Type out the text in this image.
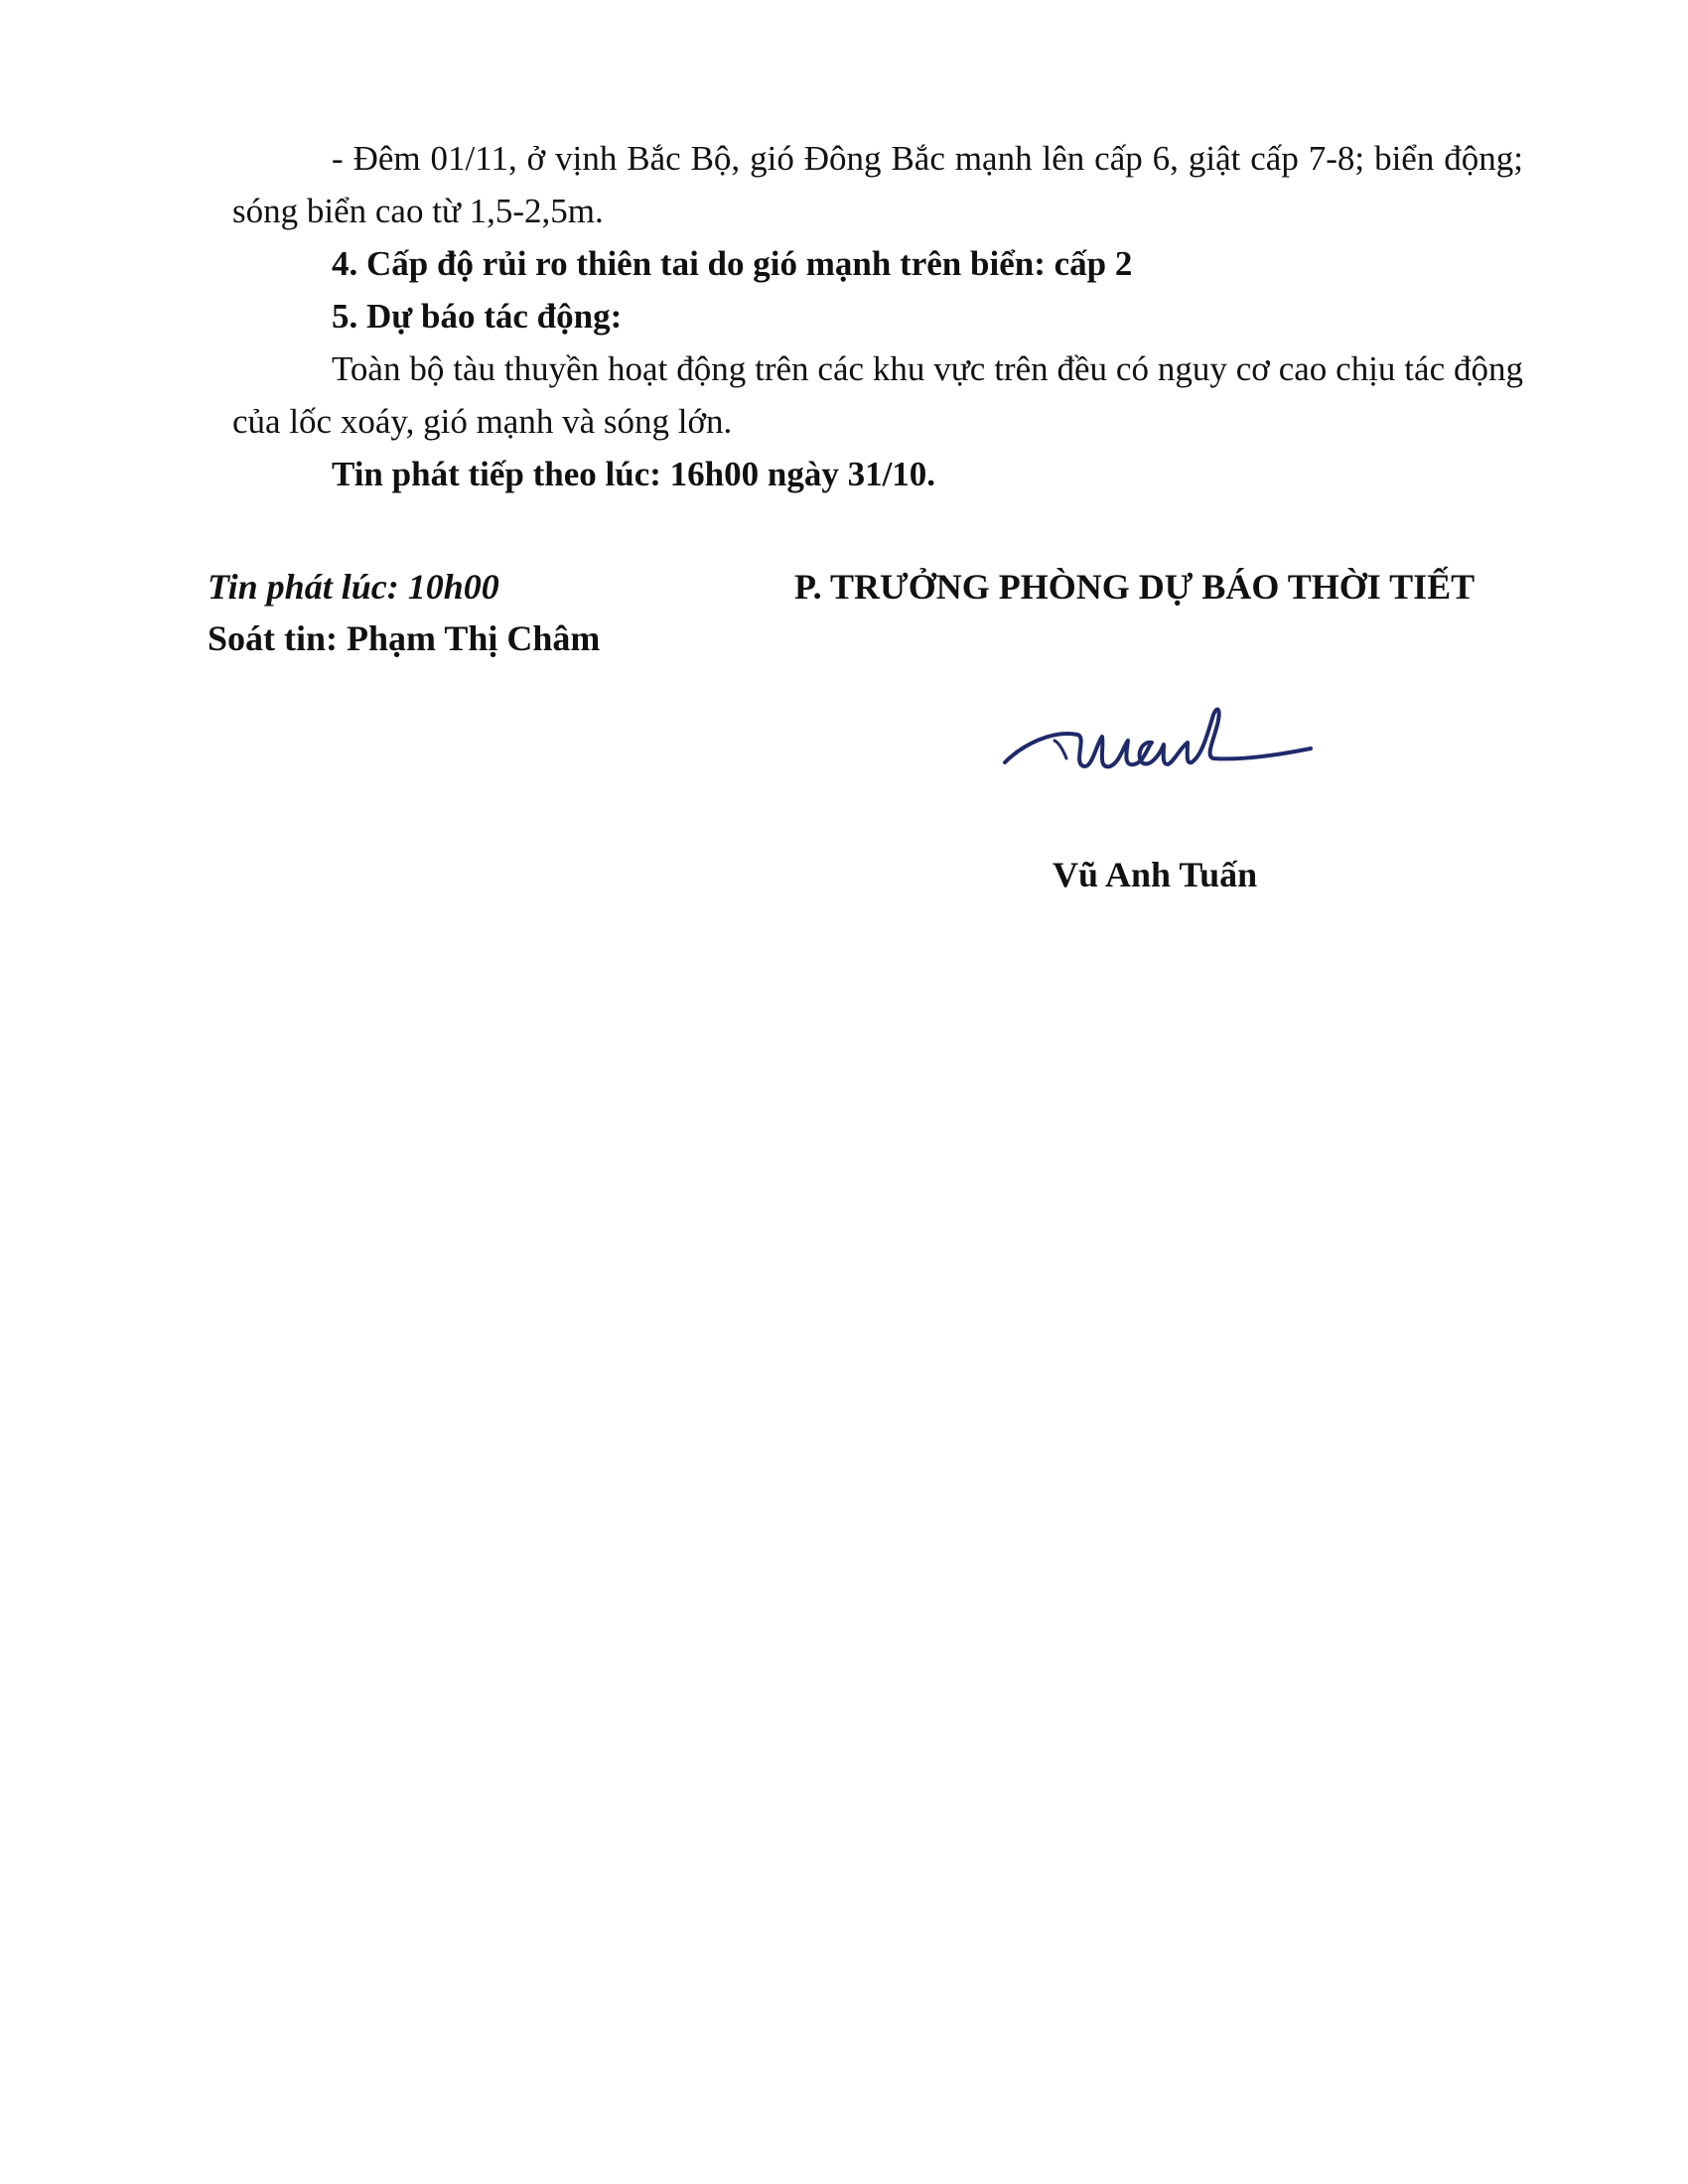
- Đêm 01/11, ở vịnh Bắc Bộ, gió Đông Bắc mạnh lên cấp 6, giật cấp 7-8; biển động; sóng biển cao từ 1,5-2,5m.

4. Cấp độ rủi ro thiên tai do gió mạnh trên biển: cấp 2

5. Dự báo tác động:

Toàn bộ tàu thuyền hoạt động trên các khu vực trên đều có nguy cơ cao chịu tác động của lốc xoáy, gió mạnh và sóng lớn.

Tin phát tiếp theo lúc: 16h00 ngày 31/10.

Tin phát lúc: 10h00
Soát tin: Phạm Thị Châm
P. TRƯỞNG PHÒNG DỰ BÁO THỜI TIẾT
Vũ Anh Tuấn
